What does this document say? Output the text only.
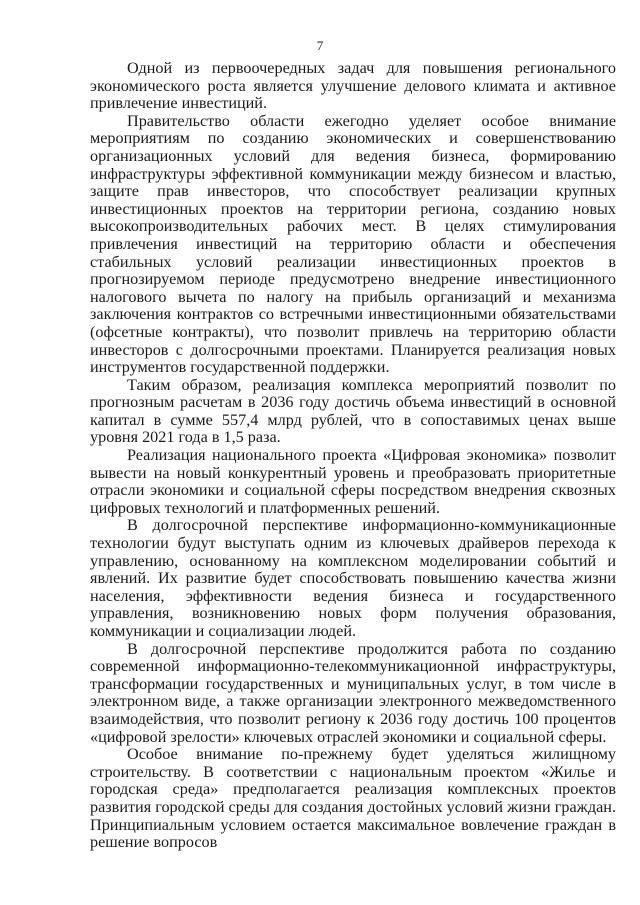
7

Одной из первоочередных задач для повышения регионального экономического роста является улучшение делового климата и активное привлечение инвестиций.

Правительство области ежегодно уделяет особое внимание мероприятиям по созданию экономических и совершенствованию организационных условий для ведения бизнеса, формированию инфраструктуры эффективной коммуникации между бизнесом и властью, защите прав инвесторов, что способствует реализации крупных инвестиционных проектов на территории региона, созданию новых высокопроизводительных рабочих мест. В целях стимулирования привлечения инвестиций на территорию области и обеспечения стабильных условий реализации инвестиционных проектов в прогнозируемом периоде предусмотрено внедрение инвестиционного налогового вычета по налогу на прибыль организаций и механизма заключения контрактов со встречными инвестиционными обязательствами (офсетные контракты), что позволит привлечь на территорию области инвесторов с долгосрочными проектами. Планируется реализация новых инструментов государственной поддержки.

Таким образом, реализация комплекса мероприятий позволит по прогнозным расчетам в 2036 году достичь объема инвестиций в основной капитал в сумме 557,4 млрд рублей, что в сопоставимых ценах выше уровня 2021 года в 1,5 раза.

Реализация национального проекта «Цифровая экономика» позволит вывести на новый конкурентный уровень и преобразовать приоритетные отрасли экономики и социальной сферы посредством внедрения сквозных цифровых технологий и платформенных решений.

В долгосрочной перспективе информационно-коммуникационные технологии будут выступать одним из ключевых драйверов перехода к управлению, основанному на комплексном моделировании событий и явлений. Их развитие будет способствовать повышению качества жизни населения, эффективности ведения бизнеса и государственного управления, возникновению новых форм получения образования, коммуникации и социализации людей.

В долгосрочной перспективе продолжится работа по созданию современной информационно-телекоммуникационной инфраструктуры, трансформации государственных и муниципальных услуг, в том числе в электронном виде, а также организации электронного межведомственного взаимодействия, что позволит региону к 2036 году достичь 100 процентов «цифровой зрелости» ключевых отраслей экономики и социальной сферы.

Особое внимание по-прежнему будет уделяться жилищному строительству. В соответствии с национальным проектом «Жилье и городская среда» предполагается реализация комплексных проектов развития городской среды для создания достойных условий жизни граждан. Принципиальным условием остается максимальное вовлечение граждан в решение вопросов
